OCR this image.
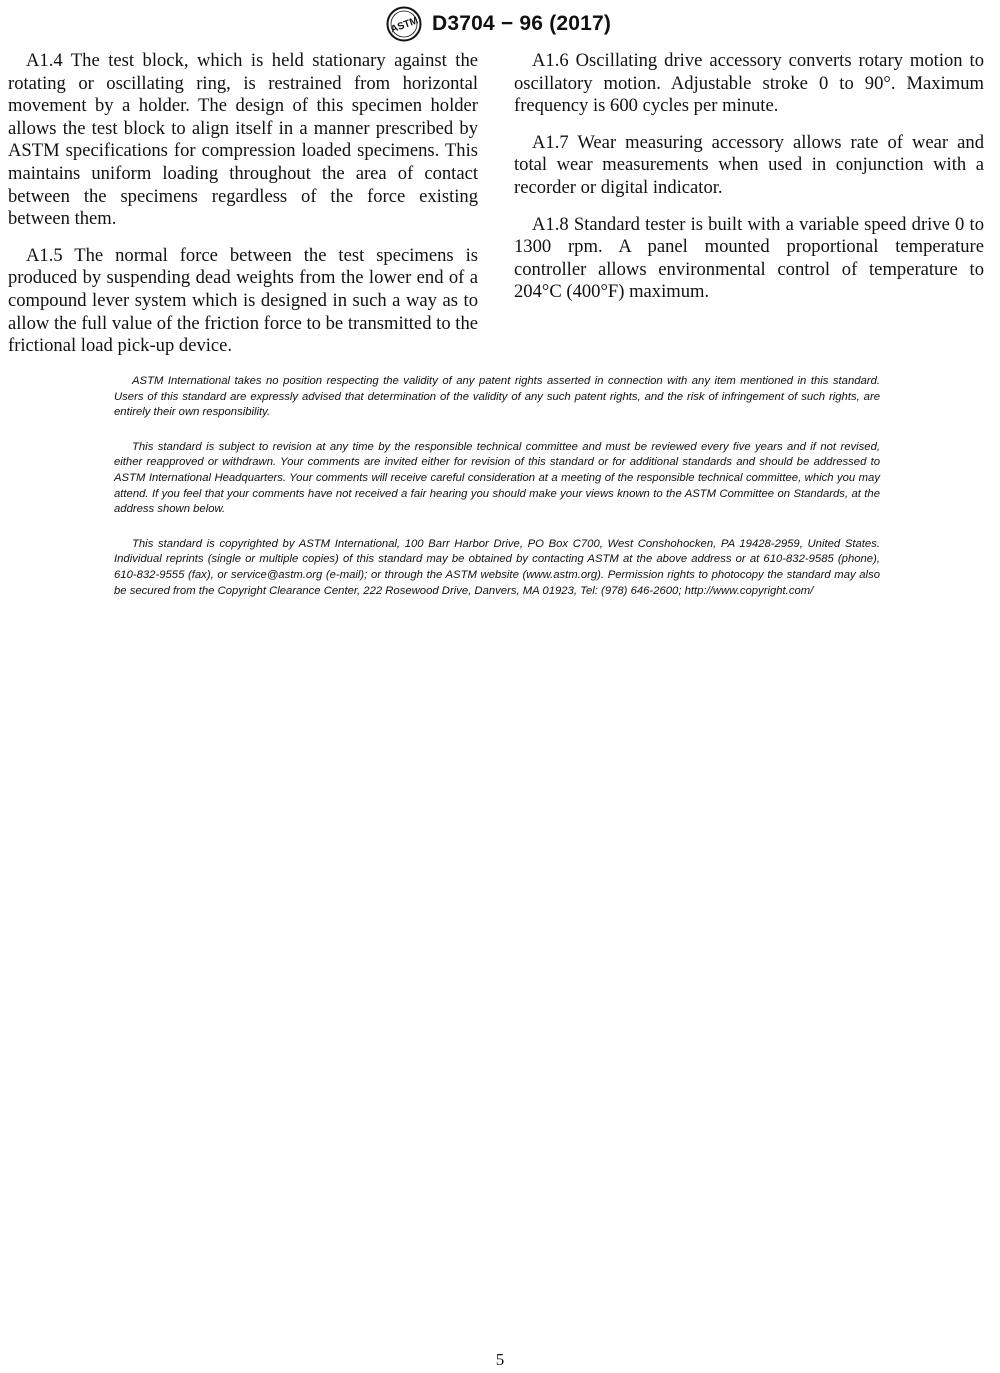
ASTM D3704 − 96 (2017)

A1.4 The test block, which is held stationary against the rotating or oscillating ring, is restrained from horizontal movement by a holder. The design of this specimen holder allows the test block to align itself in a manner prescribed by ASTM specifications for compression loaded specimens. This maintains uniform loading throughout the area of contact between the specimens regardless of the force existing between them.

A1.5 The normal force between the test specimens is produced by suspending dead weights from the lower end of a compound lever system which is designed in such a way as to allow the full value of the friction force to be transmitted to the frictional load pick-up device.

A1.6 Oscillating drive accessory converts rotary motion to oscillatory motion. Adjustable stroke 0 to 90°. Maximum frequency is 600 cycles per minute.

A1.7 Wear measuring accessory allows rate of wear and total wear measurements when used in conjunction with a recorder or digital indicator.

A1.8 Standard tester is built with a variable speed drive 0 to 1300 rpm. A panel mounted proportional temperature controller allows environmental control of temperature to 204°C (400°F) maximum.

ASTM International takes no position respecting the validity of any patent rights asserted in connection with any item mentioned in this standard. Users of this standard are expressly advised that determination of the validity of any such patent rights, and the risk of infringement of such rights, are entirely their own responsibility.

This standard is subject to revision at any time by the responsible technical committee and must be reviewed every five years and if not revised, either reapproved or withdrawn. Your comments are invited either for revision of this standard or for additional standards and should be addressed to ASTM International Headquarters. Your comments will receive careful consideration at a meeting of the responsible technical committee, which you may attend. If you feel that your comments have not received a fair hearing you should make your views known to the ASTM Committee on Standards, at the address shown below.

This standard is copyrighted by ASTM International, 100 Barr Harbor Drive, PO Box C700, West Conshohocken, PA 19428-2959, United States. Individual reprints (single or multiple copies) of this standard may be obtained by contacting ASTM at the above address or at 610-832-9585 (phone), 610-832-9555 (fax), or service@astm.org (e-mail); or through the ASTM website (www.astm.org). Permission rights to photocopy the standard may also be secured from the Copyright Clearance Center, 222 Rosewood Drive, Danvers, MA 01923, Tel: (978) 646-2600; http://www.copyright.com/

5
